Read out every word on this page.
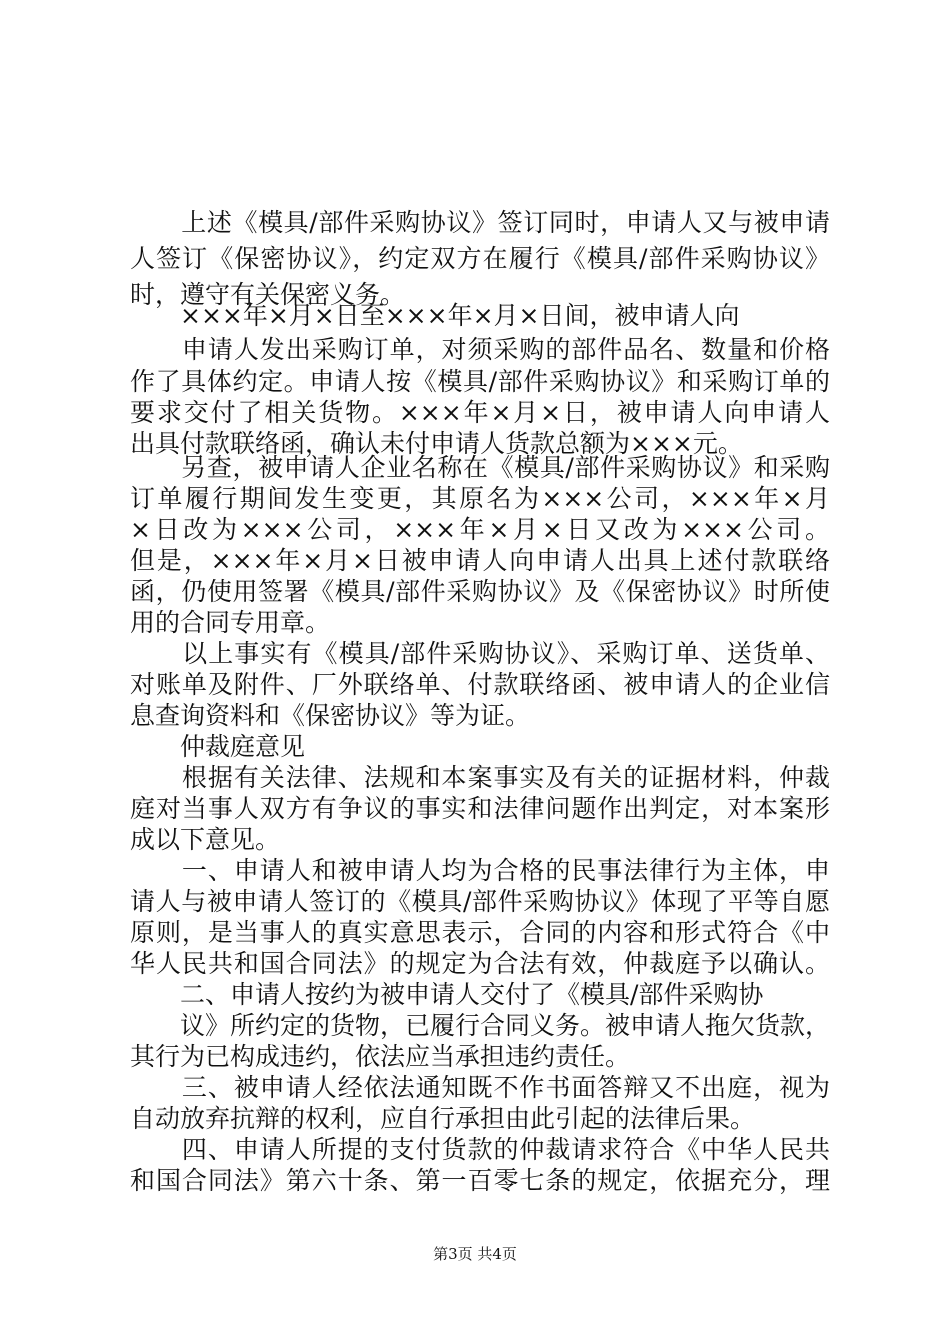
　　上述《模具/部件采购协议》签订同时，申请人又与被申请
人签订《保密协议》，约定双方在履行《模具/部件采购协议》
时，遵守有关保密义务。
　　×××年×月×日至×××年×月×日间，被申请人向
　　申请人发出采购订单，对须采购的部件品名、数量和价格
作了具体约定。申请人按《模具/部件采购协议》和采购订单的
要求交付了相关货物。×××年×月×日，被申请人向申请人
出具付款联络函，确认未付申请人货款总额为×××元。
　　另查，被申请人企业名称在《模具/部件采购协议》和采购
订单履行期间发生变更，其原名为×××公司，×××年×月
×日改为×××公司，×××年×月×日又改为×××公司。
但是，×××年×月×日被申请人向申请人出具上述付款联络
函，仍使用签署《模具/部件采购协议》及《保密协议》时所使
用的合同专用章。
　　以上事实有《模具/部件采购协议》、采购订单、送货单、
对账单及附件、厂外联络单、付款联络函、被申请人的企业信
息查询资料和《保密协议》等为证。
　　仲裁庭意见
　　根据有关法律、法规和本案事实及有关的证据材料，仲裁
庭对当事人双方有争议的事实和法律问题作出判定，对本案形
成以下意见。
　　一、申请人和被申请人均为合格的民事法律行为主体，申
请人与被申请人签订的《模具/部件采购协议》体现了平等自愿
原则，是当事人的真实意思表示，合同的内容和形式符合《中
华人民共和国合同法》的规定为合法有效，仲裁庭予以确认。
　　二、申请人按约为被申请人交付了《模具/部件采购协
　　议》所约定的货物，已履行合同义务。被申请人拖欠货款，
其行为已构成违约，依法应当承担违约责任。
　　三、被申请人经依法通知既不作书面答辩又不出庭，视为
自动放弃抗辩的权利，应自行承担由此引起的法律后果。
　　四、申请人所提的支付货款的仲裁请求符合《中华人民共
和国合同法》第六十条、第一百零七条的规定，依据充分，理
第3页 共4页
